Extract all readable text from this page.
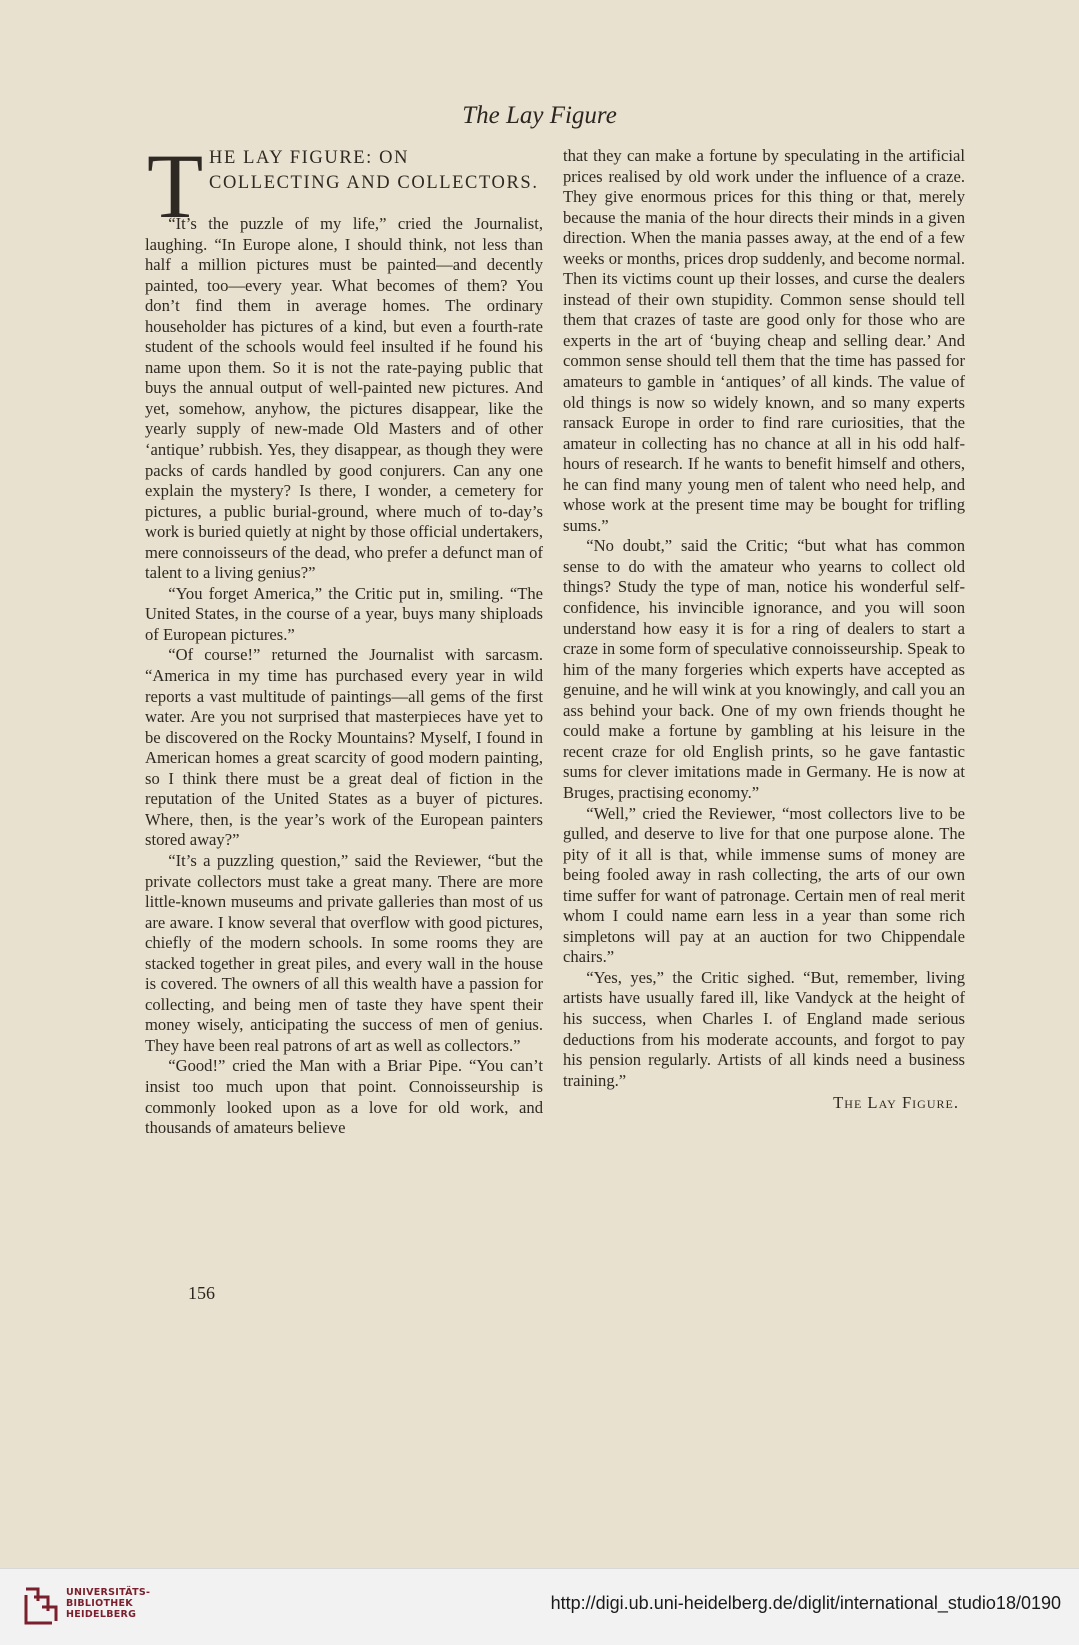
The Lay Figure
T HE LAY FIGURE: ON COLLECTING AND COLLECTORS.

“It’s the puzzle of my life,” cried the Journalist, laughing. “In Europe alone, I should think, not less than half a million pictures must be painted—and decently painted, too—every year. What becomes of them? You don’t find them in average homes. The ordinary householder has pictures of a kind, but even a fourth-rate student of the schools would feel insulted if he found his name upon them. So it is not the rate-paying public that buys the annual output of well-painted new pictures. And yet, somehow, anyhow, the pictures disappear, like the yearly supply of new-made Old Masters and of other ‘antique’ rubbish. Yes, they disappear, as though they were packs of cards handled by good conjurers. Can any one explain the mystery? Is there, I wonder, a cemetery for pictures, a public burial-ground, where much of to-day’s work is buried quietly at night by those official undertakers, mere connoisseurs of the dead, who prefer a defunct man of talent to a living genius?”

“You forget America,” the Critic put in, smiling. “The United States, in the course of a year, buys many shiploads of European pictures.”

“Of course!” returned the Journalist with sarcasm. “America in my time has purchased every year in wild reports a vast multitude of paintings—all gems of the first water. Are you not surprised that masterpieces have yet to be discovered on the Rocky Mountains? Myself, I found in American homes a great scarcity of good modern painting, so I think there must be a great deal of fiction in the reputation of the United States as a buyer of pictures. Where, then, is the year’s work of the European painters stored away?”

“It’s a puzzling question,” said the Reviewer, “but the private collectors must take a great many. There are more little-known museums and private galleries than most of us are aware. I know several that overflow with good pictures, chiefly of the modern schools. In some rooms they are stacked together in great piles, and every wall in the house is covered. The owners of all this wealth have a passion for collecting, and being men of taste they have spent their money wisely, anticipating the success of men of genius. They have been real patrons of art as well as collectors.”

“Good!” cried the Man with a Briar Pipe. “You can’t insist too much upon that point. Connoisseurship is commonly looked upon as a love for old work, and thousands of amateurs believe

that they can make a fortune by speculating in the artificial prices realised by old work under the influence of a craze. They give enormous prices for this thing or that, merely because the mania of the hour directs their minds in a given direction. When the mania passes away, at the end of a few weeks or months, prices drop suddenly, and become normal. Then its victims count up their losses, and curse the dealers instead of their own stupidity. Common sense should tell them that crazes of taste are good only for those who are experts in the art of ‘buying cheap and selling dear.’ And common sense should tell them that the time has passed for amateurs to gamble in ‘antiques’ of all kinds. The value of old things is now so widely known, and so many experts ransack Europe in order to find rare curiosities, that the amateur in collecting has no chance at all in his odd half-hours of research. If he wants to benefit himself and others, he can find many young men of talent who need help, and whose work at the present time may be bought for trifling sums.”

“No doubt,” said the Critic; “but what has common sense to do with the amateur who yearns to collect old things? Study the type of man, notice his wonderful self-confidence, his invincible ignorance, and you will soon understand how easy it is for a ring of dealers to start a craze in some form of speculative connoisseurship. Speak to him of the many forgeries which experts have accepted as genuine, and he will wink at you knowingly, and call you an ass behind your back. One of my own friends thought he could make a fortune by gambling at his leisure in the recent craze for old English prints, so he gave fantastic sums for clever imitations made in Germany. He is now at Bruges, practising economy.”

“Well,” cried the Reviewer, “most collectors live to be gulled, and deserve to live for that one purpose alone. The pity of it all is that, while immense sums of money are being fooled away in rash collecting, the arts of our own time suffer for want of patronage. Certain men of real merit whom I could name earn less in a year than some rich simpletons will pay at an auction for two Chippendale chairs.”

“Yes, yes,” the Critic sighed. “But, remember, living artists have usually fared ill, like Vandyck at the height of his success, when Charles I. of England made serious deductions from his moderate accounts, and forgot to pay his pension regularly. Artists of all kinds need a business training.”

The Lay Figure.
156
UNIVERSITÄTS-
BIBLIOTHEK
HEIDELBERG
http://digi.ub.uni-heidelberg.de/diglit/international_studio18/0190
